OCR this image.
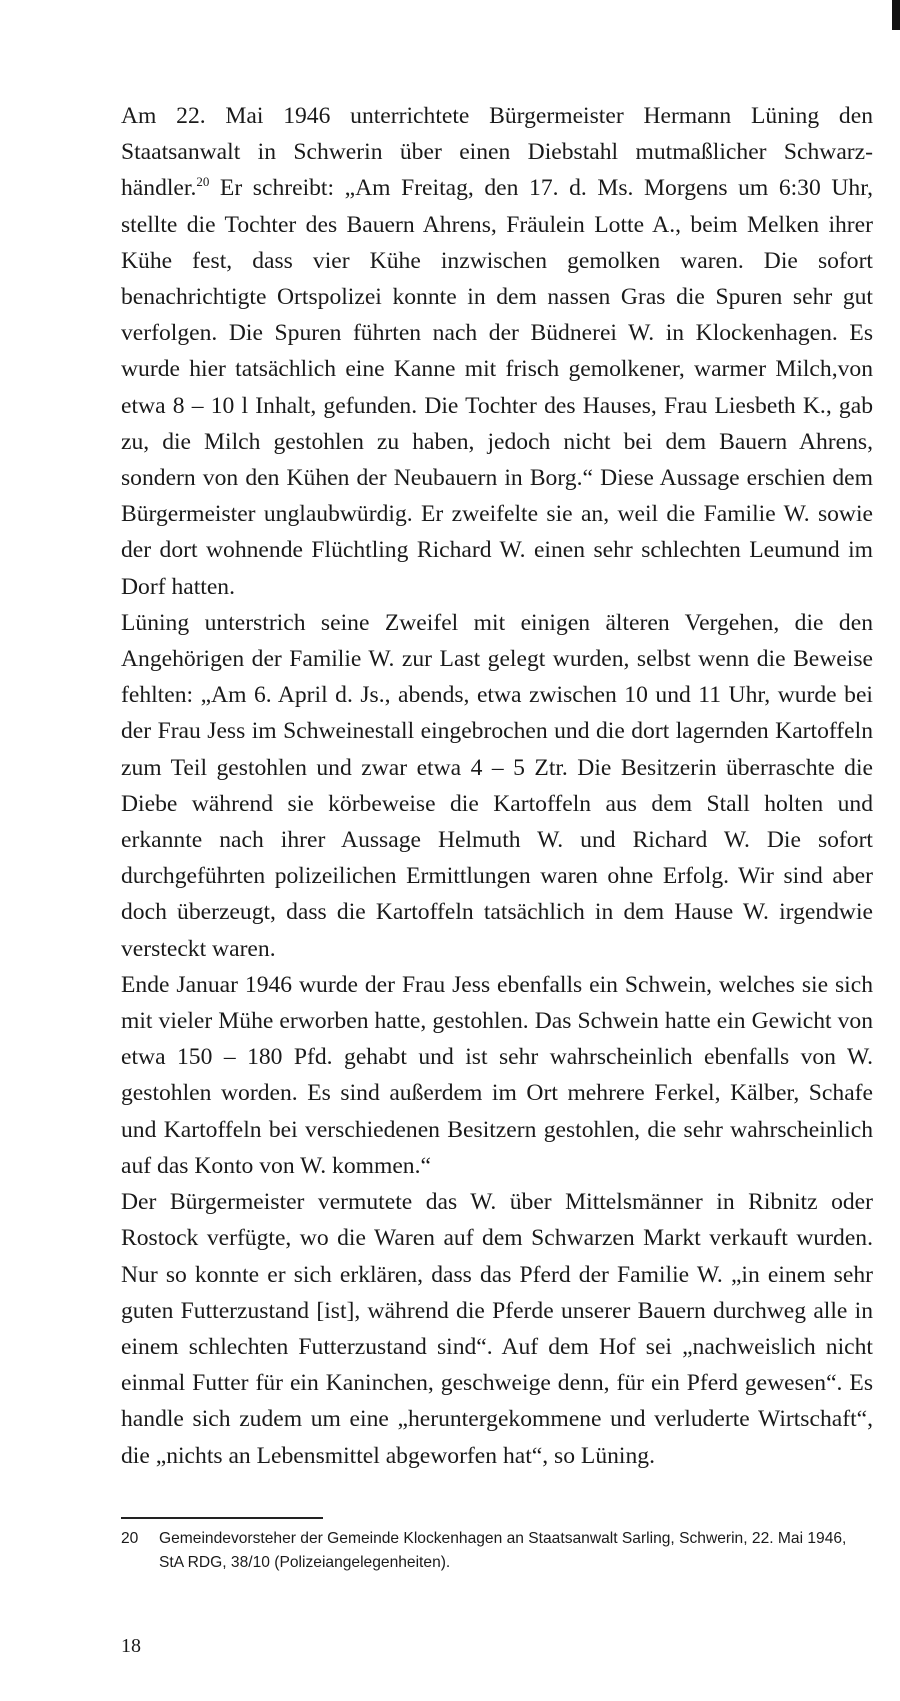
Am 22. Mai 1946 unterrichtete Bürgermeister Hermann Lüning den Staatsanwalt in Schwerin über einen Diebstahl mutmaßlicher Schwarzhändler.$^{20}$ Er schreibt: „Am Freitag, den 17. d. Ms. Morgens um 6:30 Uhr, stellte die Tochter des Bauern Ahrens, Fräulein Lotte A., beim Melken ihrer Kühe fest, dass vier Kühe inzwischen gemolken waren. Die sofort benachrichtigte Ortspolizei konnte in dem nassen Gras die Spuren sehr gut verfolgen. Die Spuren führten nach der Büdnerei W. in Klockenhagen. Es wurde hier tatsächlich eine Kanne mit frisch gemolkener, warmer Milch,von etwa 8 – 10 l Inhalt, gefunden. Die Tochter des Hauses, Frau Liesbeth K., gab zu, die Milch gestohlen zu haben, jedoch nicht bei dem Bauern Ahrens, sondern von den Kühen der Neubauern in Borg.“ Diese Aussage erschien dem Bürgermeister unglaubwürdig. Er zweifelte sie an, weil die Familie W. sowie der dort wohnende Flüchtling Richard W. einen sehr schlechten Leumund im Dorf hatten.

Lüning unterstrich seine Zweifel mit einigen älteren Vergehen, die den Angehörigen der Familie W. zur Last gelegt wurden, selbst wenn die Beweise fehlten: „Am 6. April d. Js., abends, etwa zwischen 10 und 11 Uhr, wurde bei der Frau Jess im Schweinestall eingebrochen und die dort lagernden Kartoffeln zum Teil gestohlen und zwar etwa 4 – 5 Ztr. Die Besitzerin überraschte die Diebe während sie körbeweise die Kartoffeln aus dem Stall holten und erkannte nach ihrer Aussage Helmuth W. und Richard W. Die sofort durchgeführten polizeilichen Ermittlungen waren ohne Erfolg. Wir sind aber doch überzeugt, dass die Kartoffeln tatsächlich in dem Hause W. irgendwie versteckt waren.

Ende Januar 1946 wurde der Frau Jess ebenfalls ein Schwein, welches sie sich mit vieler Mühe erworben hatte, gestohlen. Das Schwein hatte ein Gewicht von etwa 150 – 180 Pfd. gehabt und ist sehr wahrscheinlich ebenfalls von W. gestohlen worden. Es sind außerdem im Ort mehrere Ferkel, Kälber, Schafe und Kartoffeln bei verschiedenen Besitzern gestohlen, die sehr wahrscheinlich auf das Konto von W. kommen.“

Der Bürgermeister vermutete das W. über Mittelsmänner in Ribnitz oder Rostock verfügte, wo die Waren auf dem Schwarzen Markt verkauft wurden. Nur so konnte er sich erklären, dass das Pferd der Familie W. „in einem sehr guten Futterzustand [ist], während die Pferde unserer Bauern durchweg alle in einem schlechten Futterzustand sind“. Auf dem Hof sei „nachweislich nicht einmal Futter für ein Kaninchen, geschweige denn, für ein Pferd gewesen“. Es handle sich zudem um eine „heruntergekommene und verluderte Wirtschaft“, die „nichts an Lebensmittel abgeworfen hat“, so Lüning.

20	Gemeindevorsteher der Gemeinde Klockenhagen an Staatsanwalt Sarling, Schwerin, 22. Mai 1946, StA RDG, 38/10 (Polizeiangelegenheiten).
18
